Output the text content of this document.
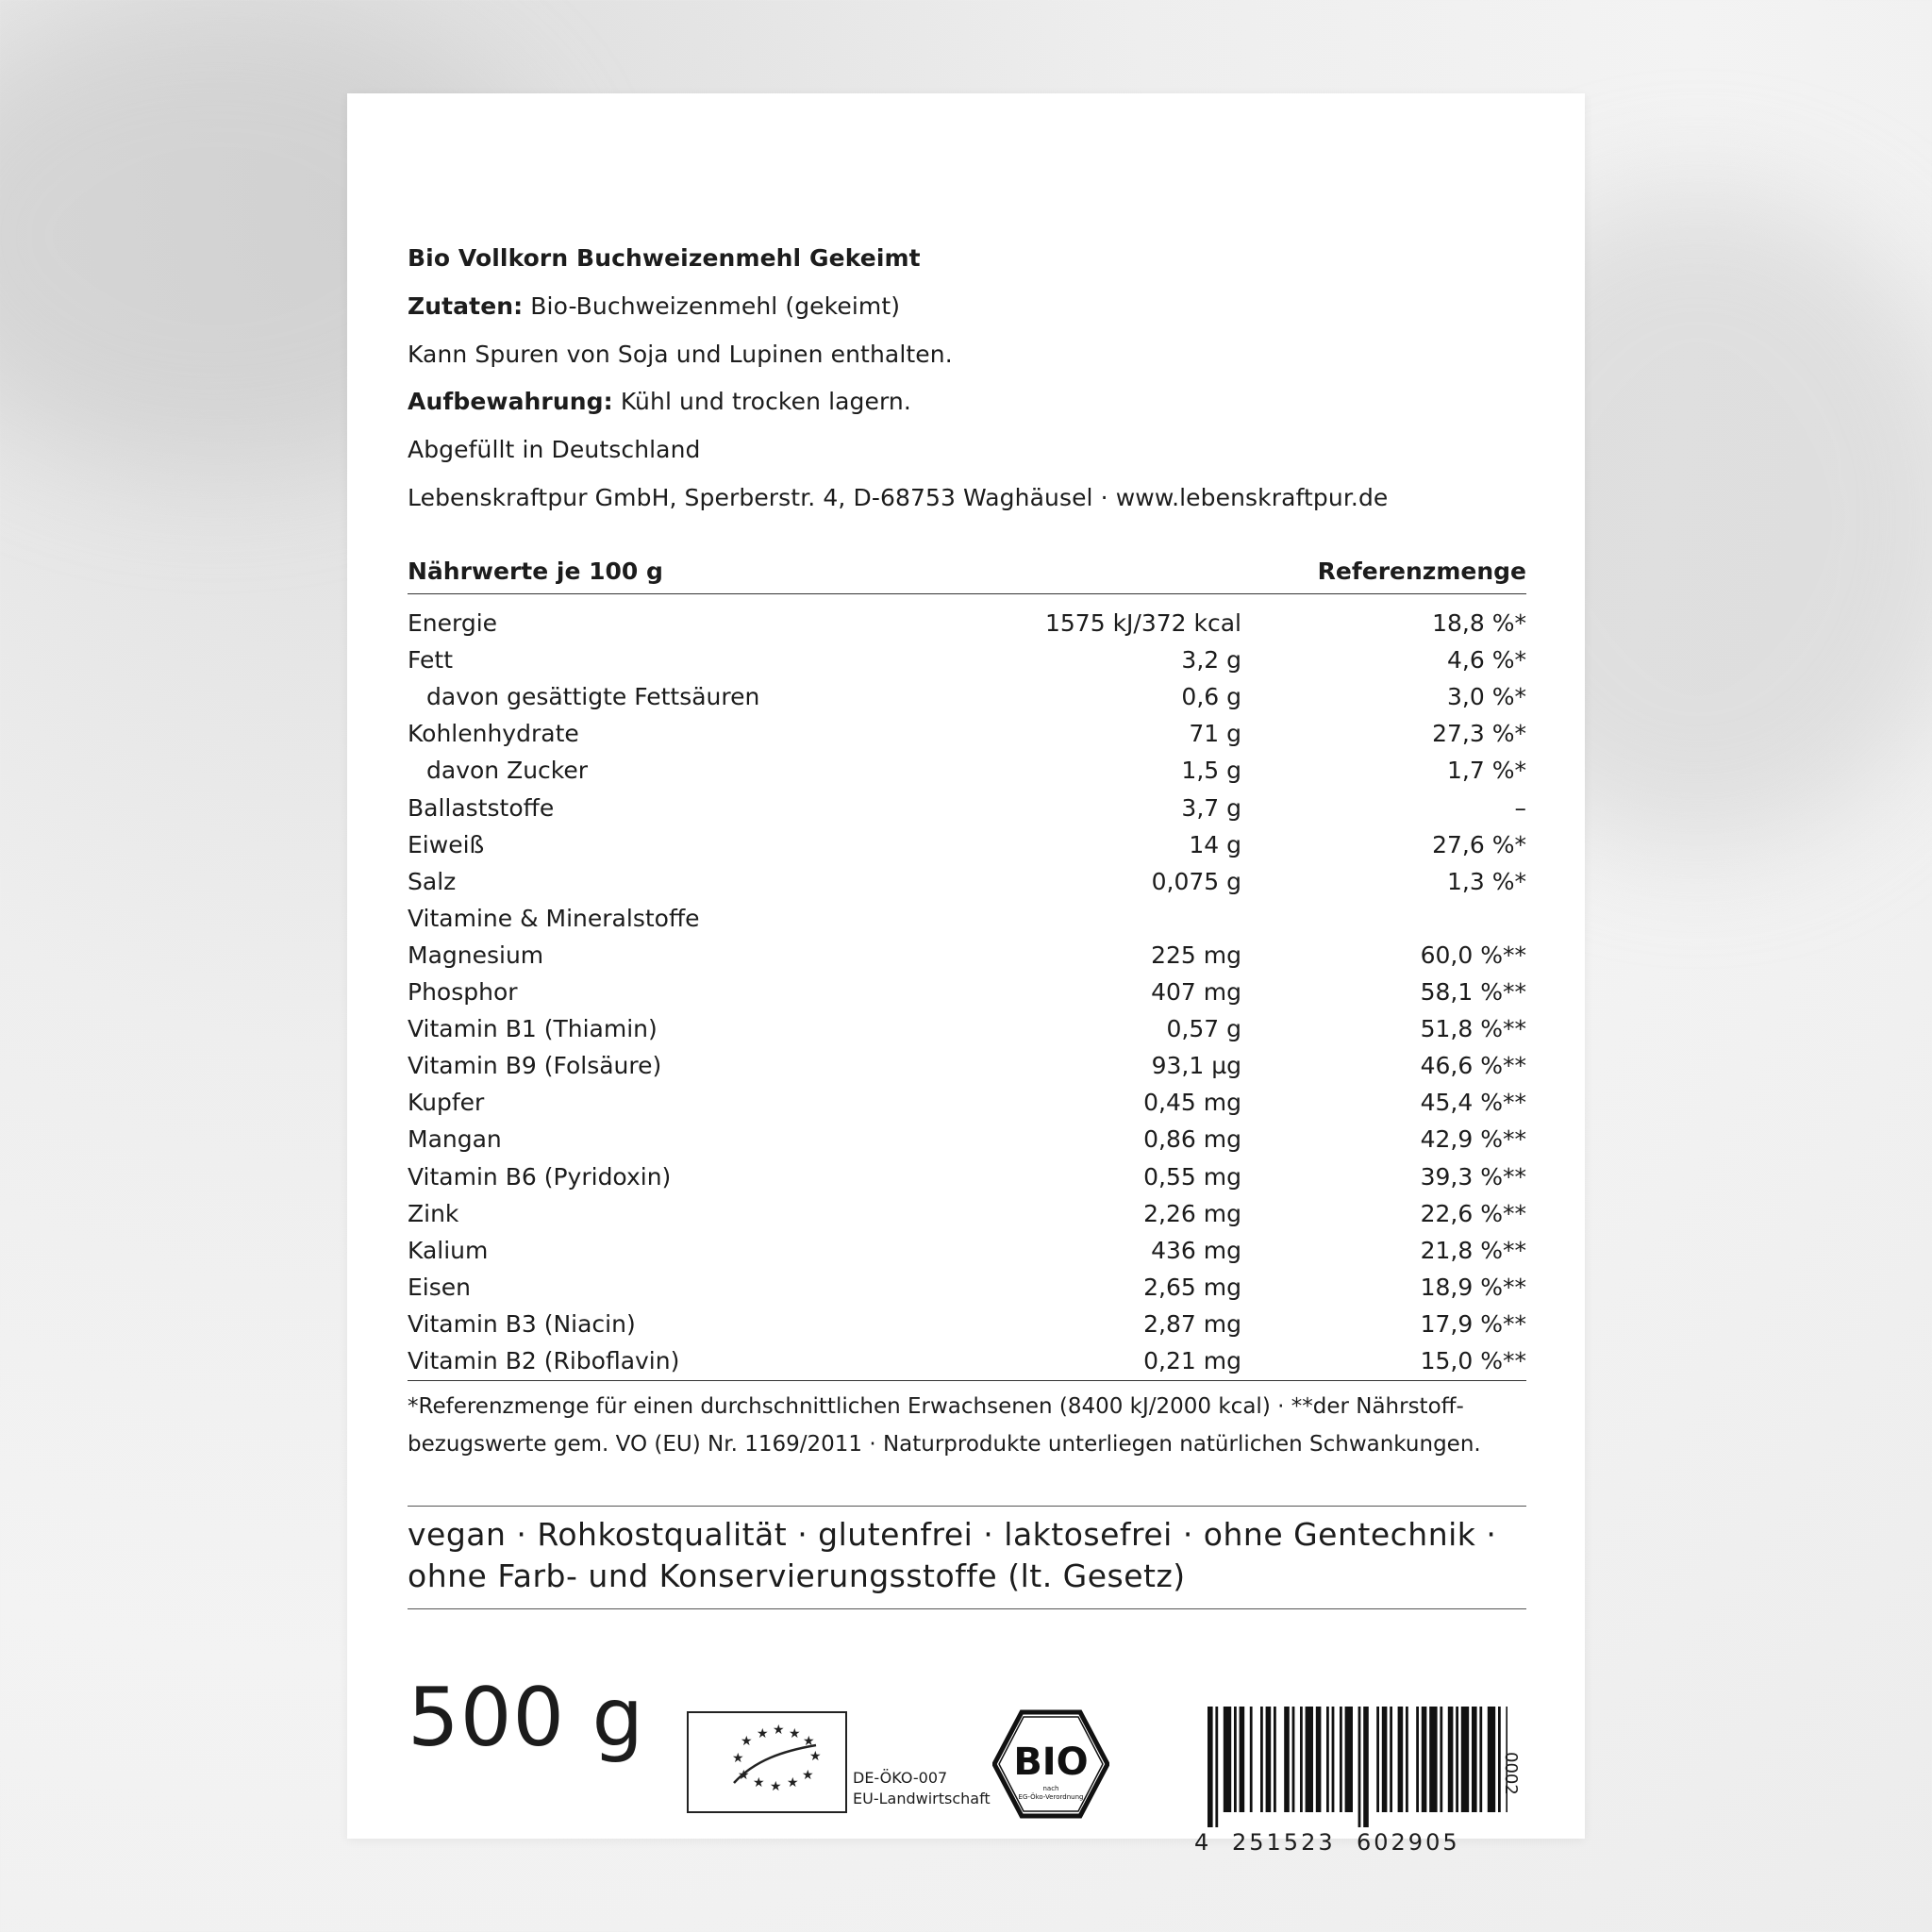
Bio Vollkorn Buchweizenmehl Gekeimt
Zutaten: Bio-Buchweizenmehl (gekeimt)
Kann Spuren von Soja und Lupinen enthalten.
Aufbewahrung: Kühl und trocken lagern.
Abgefüllt in Deutschland
Lebenskraftpur GmbH, Sperberstr. 4, D-68753 Waghäusel · www.lebenskraftpur.de
Nährwerte je 100 g	Referenzmenge
Energie	1575 kJ/372 kcal	18,8 %*
Fett	3,2 g	4,6 %*
davon gesättigte Fettsäuren	0,6 g	3,0 %*
Kohlenhydrate	71 g	27,3 %*
davon Zucker	1,5 g	1,7 %*
Ballaststoffe	3,7 g	–
Eiweiß	14 g	27,6 %*
Salz	0,075 g	1,3 %*
Vitamine & Mineralstoffe
Magnesium	225 mg	60,0 %**
Phosphor	407 mg	58,1 %**
Vitamin B1 (Thiamin)	0,57 g	51,8 %**
Vitamin B9 (Folsäure)	93,1 µg	46,6 %**
Kupfer	0,45 mg	45,4 %**
Mangan	0,86 mg	42,9 %**
Vitamin B6 (Pyridoxin)	0,55 mg	39,3 %**
Zink	2,26 mg	22,6 %**
Kalium	436 mg	21,8 %**
Eisen	2,65 mg	18,9 %**
Vitamin B3 (Niacin)	2,87 mg	17,9 %**
Vitamin B2 (Riboflavin)	0,21 mg	15,0 %**
*Referenzmenge für einen durchschnittlichen Erwachsenen (8400 kJ/2000 kcal) · **der Nährstoff-
bezugswerte gem. VO (EU) Nr. 1169/2011 · Naturprodukte unterliegen natürlichen Schwankungen.
vegan · Rohkostqualität · glutenfrei · laktosefrei · ohne Gentechnik ·
ohne Farb- und Konservierungsstoffe (lt. Gesetz)
500 g	★ ★ ★ ★ ★
★	★
★ ★ ★ ★ ★	DE-ÖKO-007
EU-Landwirtschaft
BIO
nach
EG-Öko-Verordnung
4 251523 602905
0002
